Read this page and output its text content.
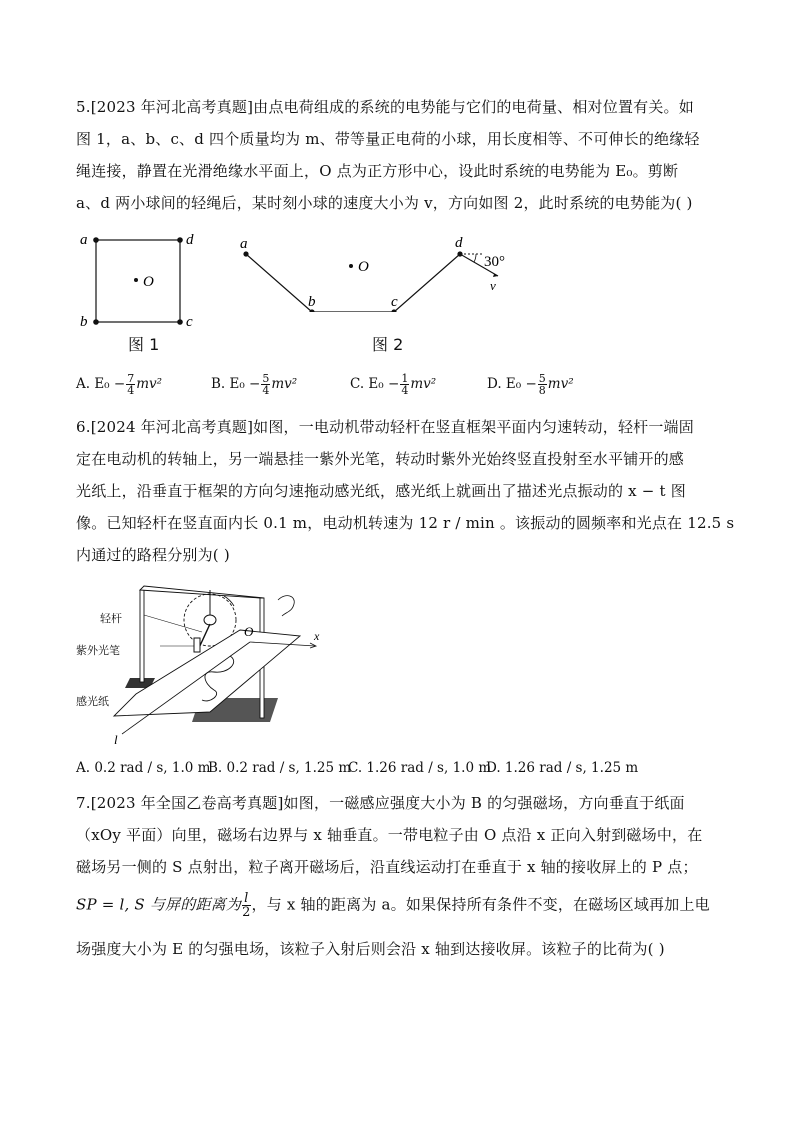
5.[2023 年河北高考真题]由点电荷组成的系统的电势能与它们的电荷量、相对位置有关。如
图 1，a、b、c、d 四个质量均为 m、带等量正电荷的小球，用长度相等、不可伸长的绝缘轻
绳连接，静置在光滑绝缘水平面上，O 点为正方形中心，设此时系统的电势能为 E₀。剪断
a、d 两小球间的轻绳后，某时刻小球的速度大小为 v，方向如图 2，此时系统的电势能为( )
a	d
O
b	c
图 1
a
O
b	c
d
30°
v
图 2
A. $E_0 - \frac{7}{4} mv^2$	B. $E_0 - \frac{5}{4} mv^2$	C. $E_0 - \frac{1}{4} mv^2$	D. $E_0 - \frac{5}{8} mv^2$
6.[2024 年河北高考真题]如图，一电动机带动轻杆在竖直框架平面内匀速转动，轻杆一端固
定在电动机的转轴上，另一端悬挂一紫外光笔，转动时紫外光始终竖直投射至水平铺开的感
光纸上，沿垂直于框架的方向匀速拖动感光纸，感光纸上就画出了描述光点振动的 x − t 图
像。已知轻杆在竖直面内长 0.1 m，电动机转速为 12 r / min 。该振动的圆频率和光点在 12.5 s
内通过的路程分别为( )
O	x
l
轻杆
紫外光笔
感光纸
A. 0.2 rad / s, 1.0 m
B. 0.2 rad / s, 1.25 m
C. 1.26 rad / s, 1.0 m
D. 1.26 rad / s, 1.25 m
7.[2023 年全国乙卷高考真题]如图，一磁感应强度大小为 B 的匀强磁场，方向垂直于纸面
（xOy 平面）向里，磁场右边界与 x 轴垂直。一带电粒子由 O 点沿 x 正向入射到磁场中，在
磁场另一侧的 S 点射出，粒子离开磁场后，沿直线运动打在垂直于 x 轴的接收屏上的 P 点；
SP = l, S 与屏的距离为 $\frac{l}{2}$ ，与 x 轴的距离为 a。如果保持所有条件不变，在磁场区域再加上电
场强度大小为 E 的匀强电场，该粒子入射后则会沿 x 轴到达接收屏。该粒子的比荷为( )
